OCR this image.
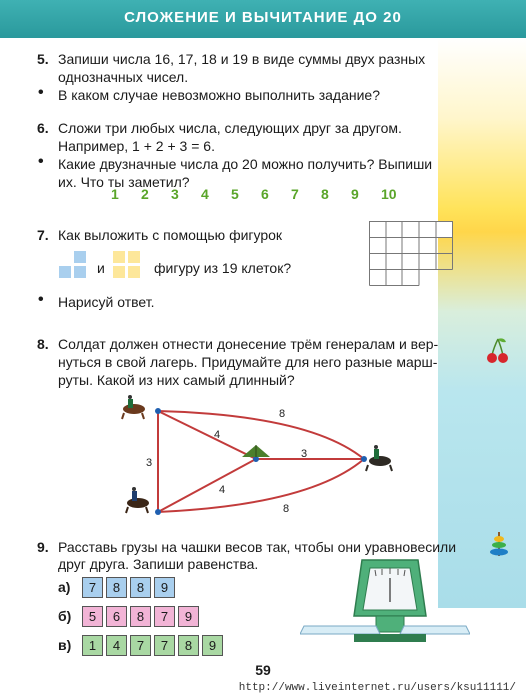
СЛОЖЕНИЕ И ВЫЧИТАНИЕ ДО 20
5. Запиши числа 16, 17, 18 и 19 в виде суммы двух разных
однозначных чисел.
• В каком случае невозможно выполнить задание?
6. Сложи три любых числа, следующих друг за другом.
Например, 1 + 2 + 3 = 6.
• Какие двузначные числа до 20 можно получить? Выпиши
их. Что ты заметил?
1 2 3 4 5 6 7 8 9 10
7. Как выложить с помощью фигурок
и	фигуру из 19 клеток?
• Нарисуй ответ.
8. Солдат должен отнести донесение трём генералам и вер-
нуться в свой лагерь. Придумайте для него разные марш-
руты. Какой из них самый длинный?
8
4
3
3
4
8
9. Расставь грузы на чашки весов так, чтобы они уравновесили
друг друга. Запиши равенства.
а)
б)
в)
7	8	8	9
5	6	8	7	9
1	4	7	7	8	9
59
http://www.liveinternet.ru/users/ksu11111/
